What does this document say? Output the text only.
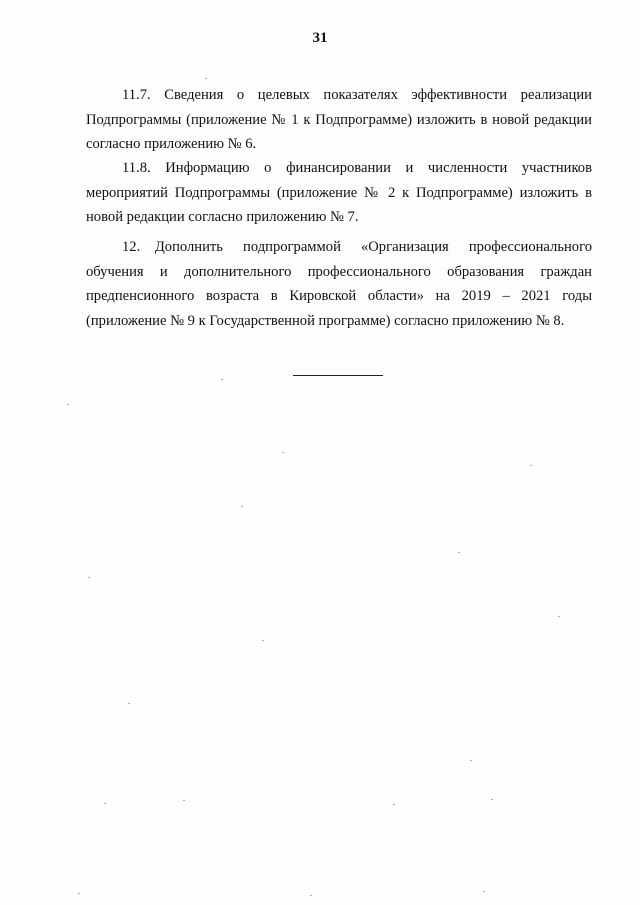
31

11.7. Сведения о целевых показателях эффективности реализации Подпрограммы (приложение № 1 к Подпрограмме) изложить в новой редакции согласно приложению № 6.

11.8. Информацию о финансировании и численности участников мероприятий Подпрограммы (приложение № 2 к Подпрограмме) изложить в новой редакции согласно приложению № 7.

12. Дополнить подпрограммой «Организация профессионального обучения и дополнительного профессионального образования граждан предпенсионного возраста в Кировской области» на 2019 – 2021 годы (приложение № 9 к Государственной программе) согласно приложению № 8.
